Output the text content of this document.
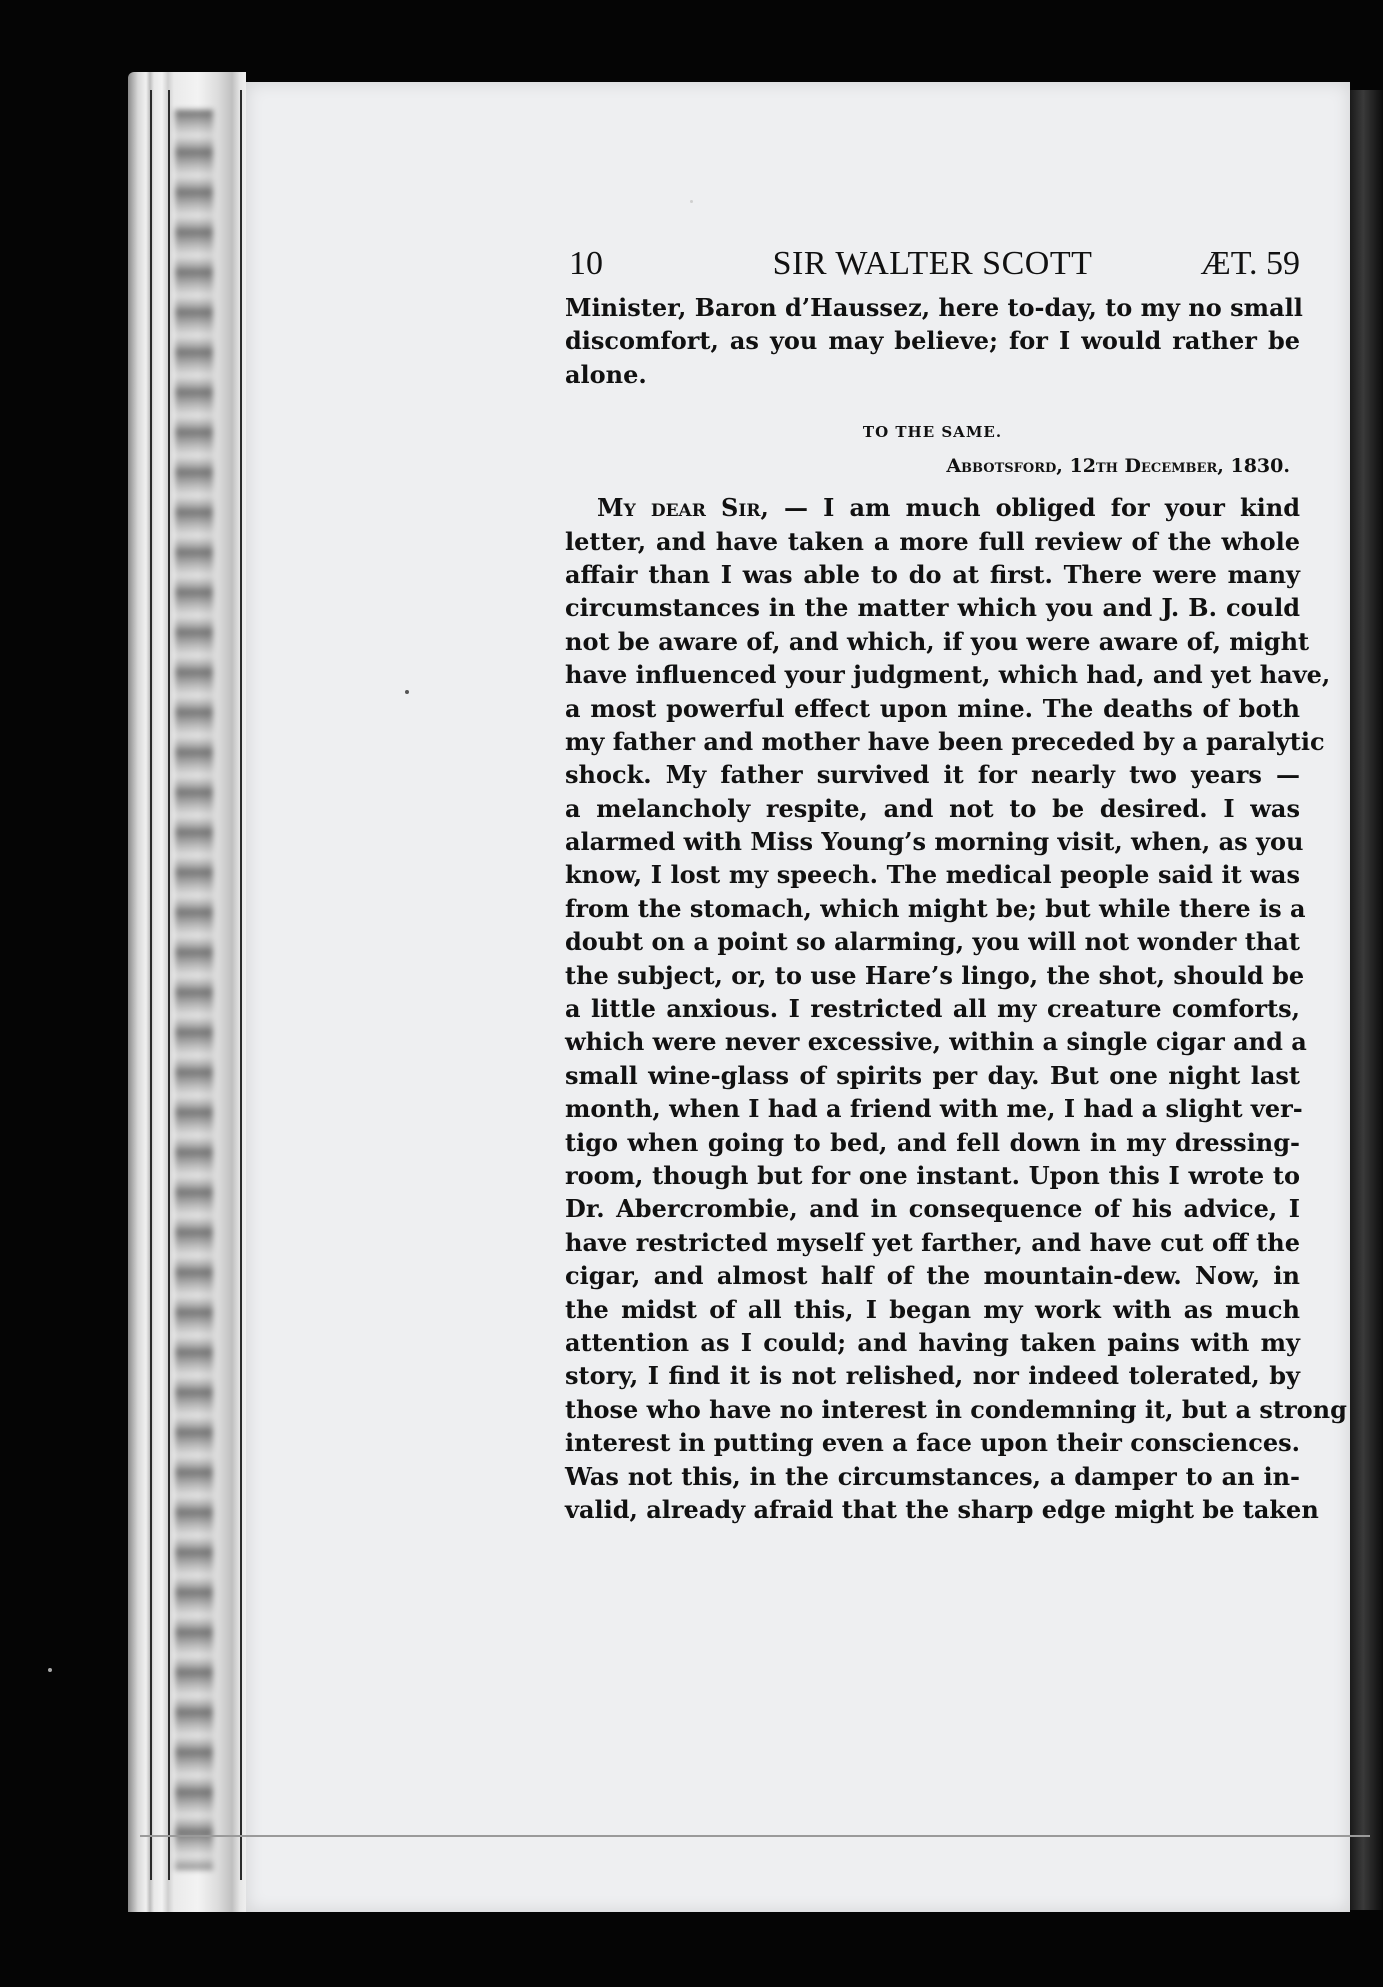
10	SIR WALTER SCOTT	ÆT. 59
Minister, Baron d’Haussez, here to-day, to my no small
discomfort, as you may believe; for I would rather be
alone.
TO THE SAME.
Abbotsford, 12th December, 1830.
My dear Sir, — I am much obliged for your kind
letter, and have taken a more full review of the whole
affair than I was able to do at first. There were many
circumstances in the matter which you and J. B. could
not be aware of, and which, if you were aware of, might
have influenced your judgment, which had, and yet have,
a most powerful effect upon mine. The deaths of both
my father and mother have been preceded by a paralytic
shock. My father survived it for nearly two years —
a melancholy respite, and not to be desired. I was
alarmed with Miss Young’s morning visit, when, as you
know, I lost my speech. The medical people said it was
from the stomach, which might be; but while there is a
doubt on a point so alarming, you will not wonder that
the subject, or, to use Hare’s lingo, the shot, should be
a little anxious. I restricted all my creature comforts,
which were never excessive, within a single cigar and a
small wine-glass of spirits per day. But one night last
month, when I had a friend with me, I had a slight ver-
tigo when going to bed, and fell down in my dressing-
room, though but for one instant. Upon this I wrote to
Dr. Abercrombie, and in consequence of his advice, I
have restricted myself yet farther, and have cut off the
cigar, and almost half of the mountain-dew. Now, in
the midst of all this, I began my work with as much
attention as I could; and having taken pains with my
story, I find it is not relished, nor indeed tolerated, by
those who have no interest in condemning it, but a strong
interest in putting even a face upon their consciences.
Was not this, in the circumstances, a damper to an in-
valid, already afraid that the sharp edge might be taken
